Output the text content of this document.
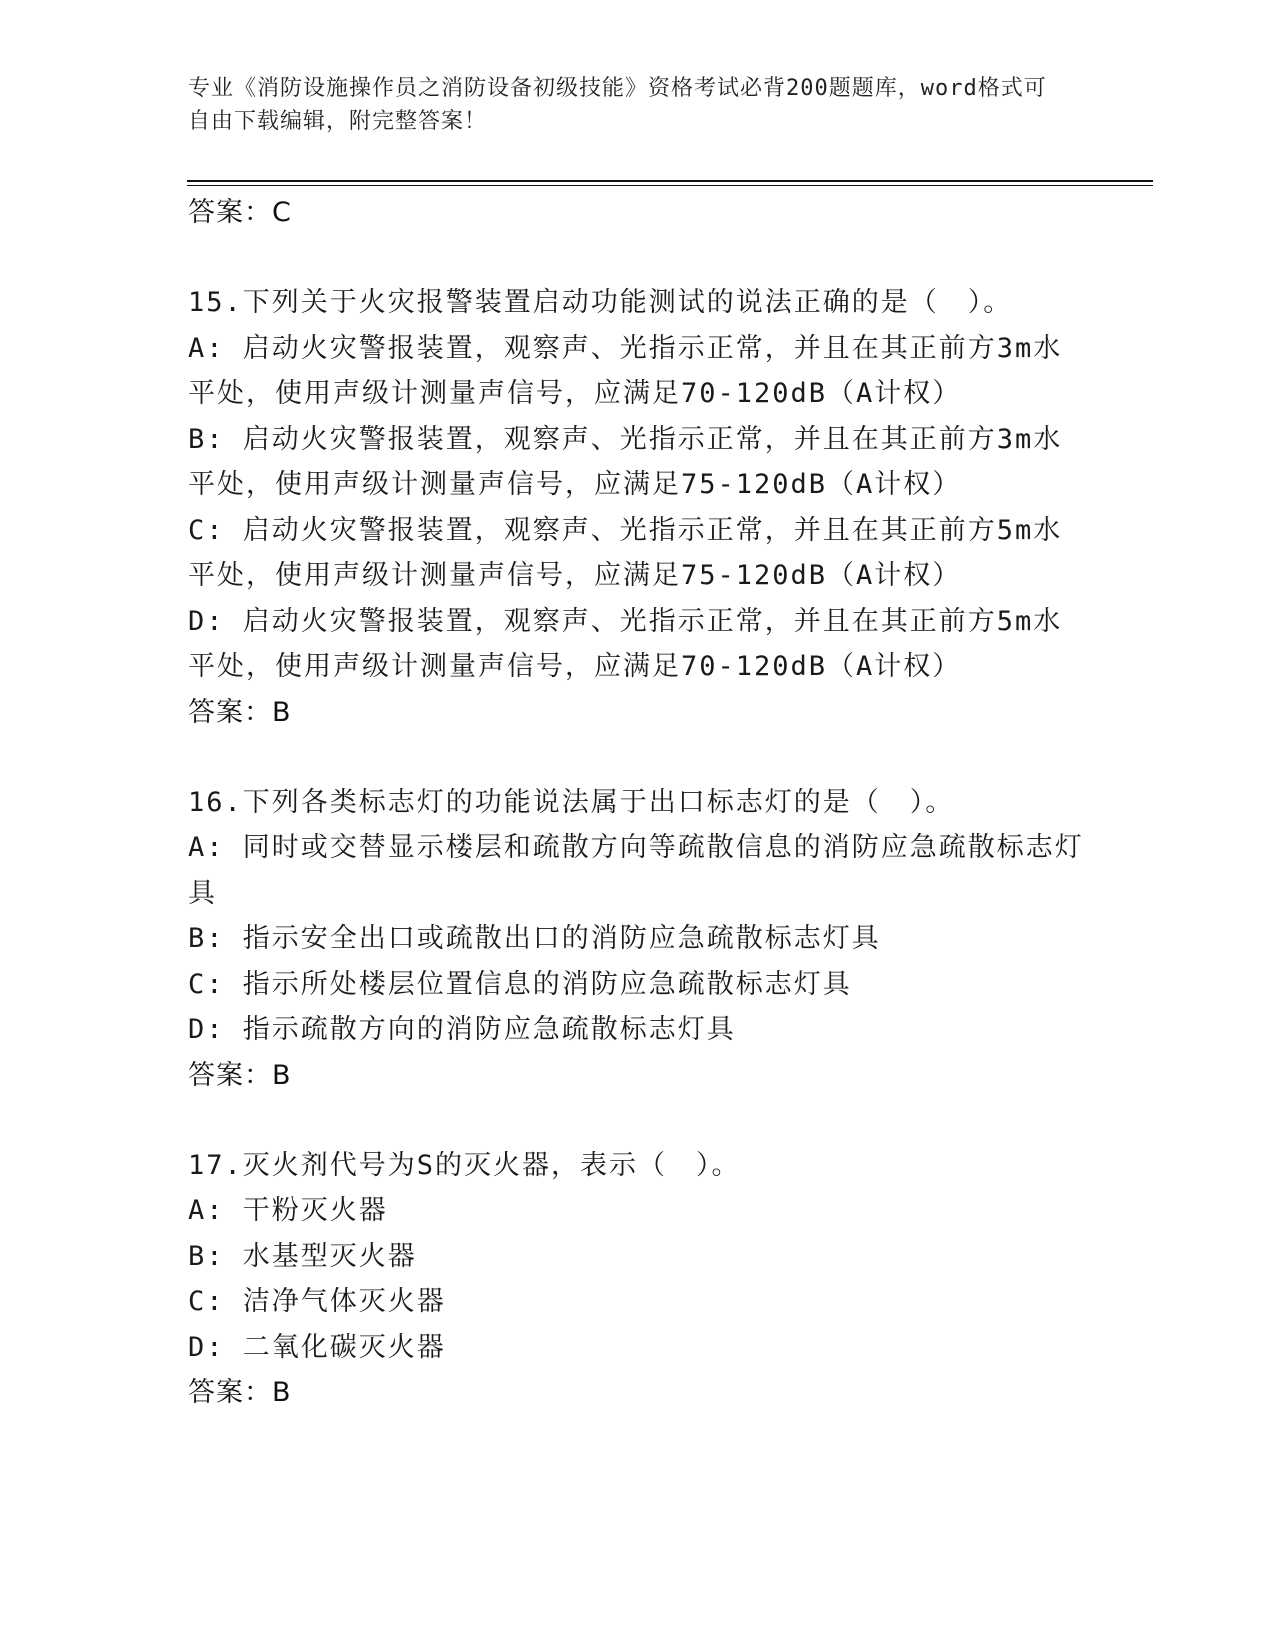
专业《消防设施操作员之消防设备初级技能》资格考试必背200题题库，word格式可自由下载编辑，附完整答案！
答案：C
15.下列关于火灾报警装置启动功能测试的说法正确的是（　）。
A: 启动火灾警报装置，观察声、光指示正常，并且在其正前方3m水平处，使用声级计测量声信号，应满足70-120dB（A计权）
B: 启动火灾警报装置，观察声、光指示正常，并且在其正前方3m水平处，使用声级计测量声信号，应满足75-120dB（A计权）
C: 启动火灾警报装置，观察声、光指示正常，并且在其正前方5m水平处，使用声级计测量声信号，应满足75-120dB（A计权）
D: 启动火灾警报装置，观察声、光指示正常，并且在其正前方5m水平处，使用声级计测量声信号，应满足70-120dB（A计权）
答案：B
16.下列各类标志灯的功能说法属于出口标志灯的是（　）。
A: 同时或交替显示楼层和疏散方向等疏散信息的消防应急疏散标志灯具
B: 指示安全出口或疏散出口的消防应急疏散标志灯具
C: 指示所处楼层位置信息的消防应急疏散标志灯具
D: 指示疏散方向的消防应急疏散标志灯具
答案：B
17.灭火剂代号为S的灭火器，表示（　）。
A: 干粉灭火器
B: 水基型灭火器
C: 洁净气体灭火器
D: 二氧化碳灭火器
答案：B
